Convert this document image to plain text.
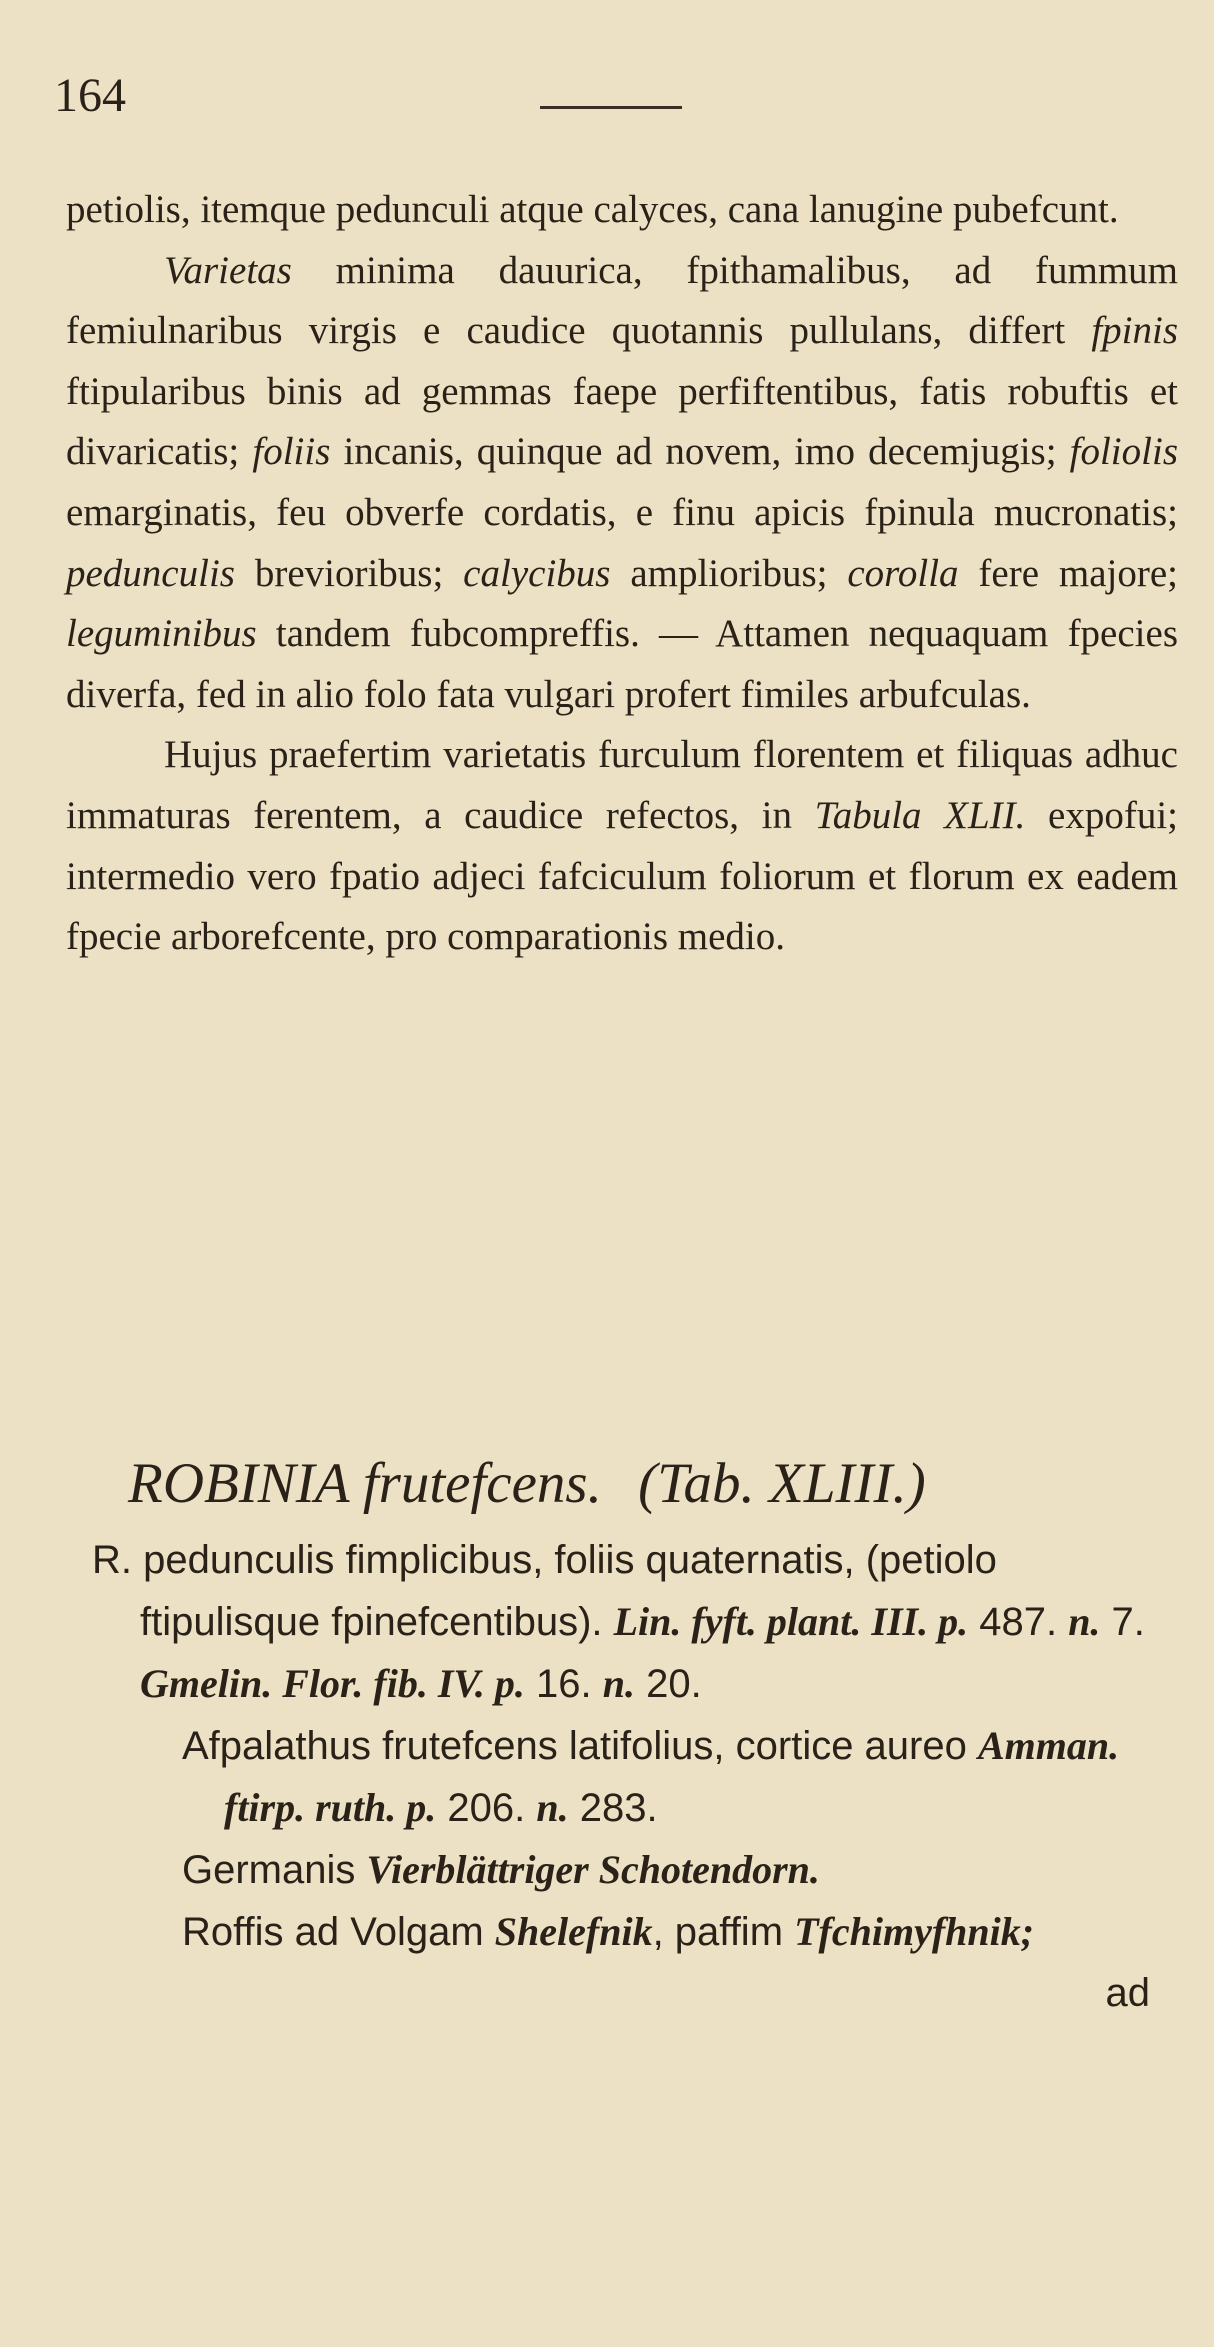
164

petiolis, itemque pedunculi atque calyces, cana lanugine pubefcunt.

Varietas minima dauurica, fpithamalibus, ad fummum femiulnaribus virgis e caudice quotannis pullulans, differt fpinis ftipularibus binis ad gemmas faepe perfiftentibus, fatis robuftis et divaricatis; foliis incanis, quinque ad novem, imo decemjugis; foliolis emarginatis, feu obverfe cordatis, e finu apicis fpinula mucronatis; pedunculis brevioribus; calycibus amplioribus; corolla fere majore; leguminibus tandem fubcompreffis. — Attamen nequaquam fpecies diverfa, fed in alio folo fata vulgari profert fimiles arbufculas.

Hujus praefertim varietatis furculum florentem et filiquas adhuc immaturas ferentem, a caudice refectos, in Tabula XLII. expofui; intermedio vero fpatio adjeci fafciculum foliorum et florum ex eadem fpecie arborefcente, pro comparationis medio.

ROBINIA frutefcens. (Tab. XLIII.)

R. pedunculis fimplicibus, foliis quaternatis, (petiolo ftipulisque fpinefcentibus). Lin. fyft. plant. III. p. 487. n. 7. Gmelin. Flor. fib. IV. p. 16. n. 20.

Afpalathus frutefcens latifolius, cortice aureo Amman. ftirp. ruth. p. 206. n. 283.

Germanis Vierblättriger Schotendorn.

Roffis ad Volgam Shelefnik, paffim Tfchimyfhnik;

ad
